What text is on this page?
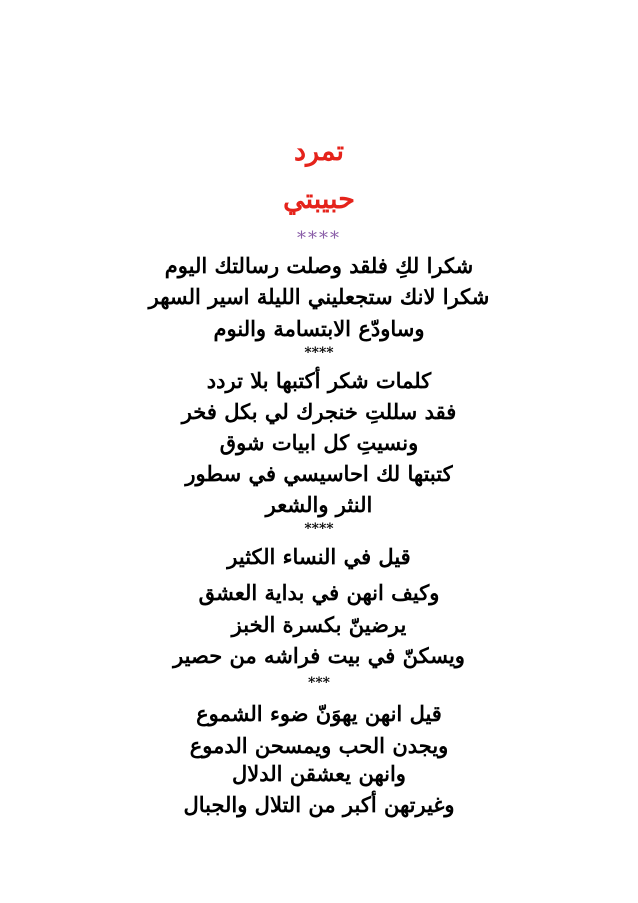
تمرد
حبيبتي
****
شكرا لكِ فلقد وصلت رسالتك اليوم
شكرا لانك ستجعليني الليلة اسير السهر
وساودّع الابتسامة والنوم
****
كلمات شكر أكتبها بلا تردد
فقد سللتِ خنجرك لي بكل فخر
ونسيتِ كل ابيات شوق
كتبتها لك احاسيسي في سطور
النثر والشعر
****
قيل في النساء الكثير
وكيف انهن في بداية العشق
يرضينّ بكسرة الخبز
ويسكنّ في بيت فراشه من حصير
***
قيل انهن يهوَنّ ضوء الشموع
ويجدن الحب ويمسحن الدموع
وانهن يعشقن الدلال
وغيرتهن أكبر من التلال والجبال
